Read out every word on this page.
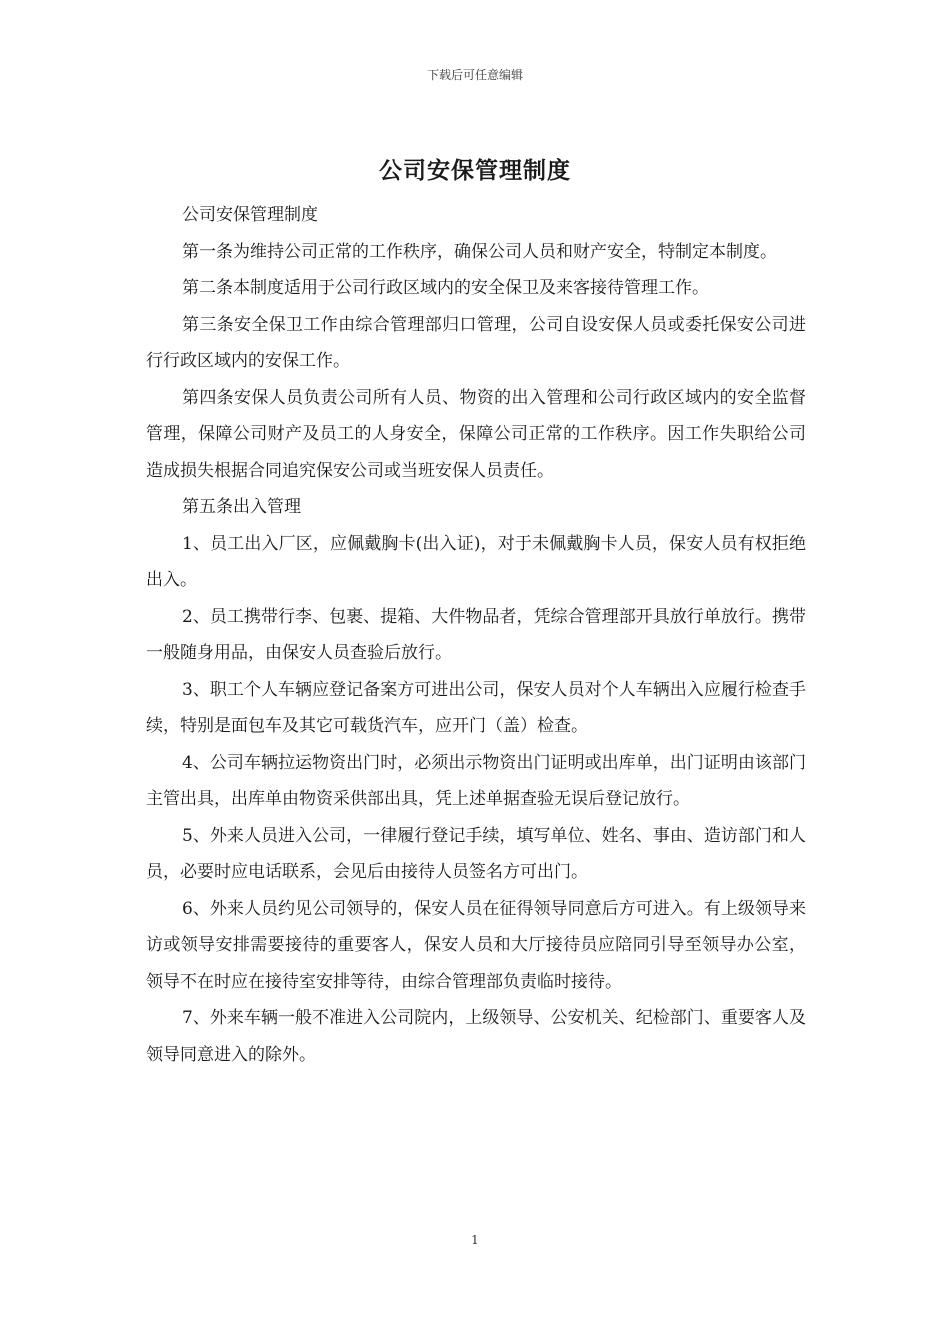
下载后可任意编辑
公司安保管理制度

公司安保管理制度

第一条为维持公司正常的工作秩序，确保公司人员和财产安全，特制定本制度。

第二条本制度适用于公司行政区域内的安全保卫及来客接待管理工作。

第三条安全保卫工作由综合管理部归口管理，公司自设安保人员或委托保安公司进行行政区域内的安保工作。

第四条安保人员负责公司所有人员、物资的出入管理和公司行政区域内的安全监督管理，保障公司财产及员工的人身安全，保障公司正常的工作秩序。因工作失职给公司造成损失根据合同追究保安公司或当班安保人员责任。

第五条出入管理

1、员工出入厂区，应佩戴胸卡(出入证)，对于未佩戴胸卡人员，保安人员有权拒绝出入。

2、员工携带行李、包裹、提箱、大件物品者，凭综合管理部开具放行单放行。携带一般随身用品，由保安人员查验后放行。

3、职工个人车辆应登记备案方可进出公司，保安人员对个人车辆出入应履行检查手续，特别是面包车及其它可载货汽车，应开门（盖）检查。

4、公司车辆拉运物资出门时，必须出示物资出门证明或出库单，出门证明由该部门主管出具，出库单由物资采供部出具，凭上述单据查验无误后登记放行。

5、外来人员进入公司，一律履行登记手续，填写单位、姓名、事由、造访部门和人员，必要时应电话联系，会见后由接待人员签名方可出门。

6、外来人员约见公司领导的，保安人员在征得领导同意后方可进入。有上级领导来访或领导安排需要接待的重要客人，保安人员和大厅接待员应陪同引导至领导办公室，领导不在时应在接待室安排等待，由综合管理部负责临时接待。

7、外来车辆一般不准进入公司院内，上级领导、公安机关、纪检部门、重要客人及领导同意进入的除外。

1
